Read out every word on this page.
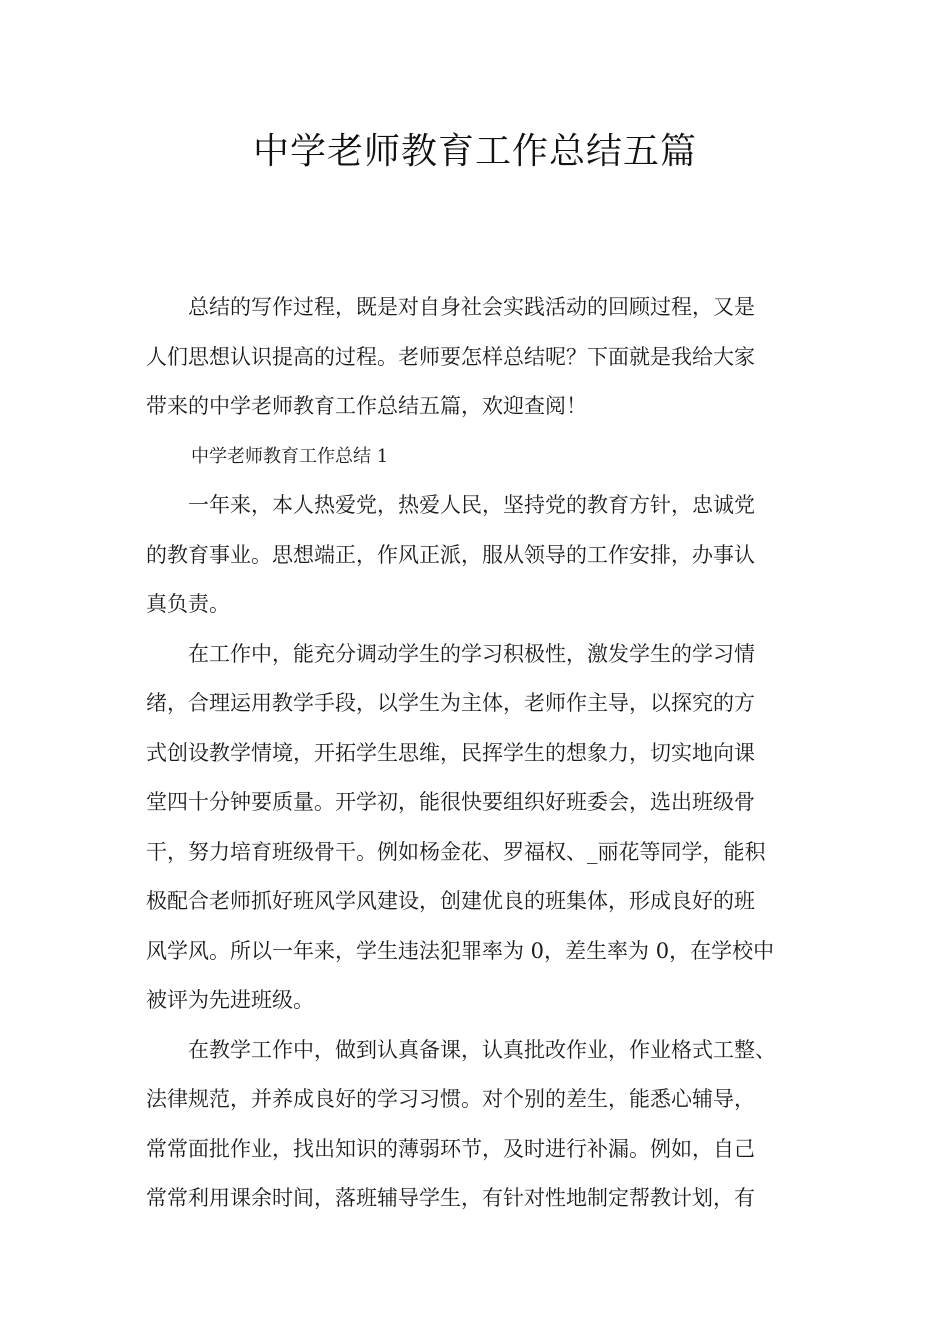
中学老师教育工作总结五篇

总结的写作过程，既是对自身社会实践活动的回顾过程，又是
人们思想认识提高的过程。老师要怎样总结呢？下面就是我给大家
带来的中学老师教育工作总结五篇，欢迎查阅！

中学老师教育工作总结 1

一年来，本人热爱党，热爱人民，坚持党的教育方针，忠诚党
的教育事业。思想端正，作风正派，服从领导的工作安排，办事认
真负责。

在工作中，能充分调动学生的学习积极性，激发学生的学习情
绪，合理运用教学手段，以学生为主体，老师作主导，以探究的方
式创设教学情境，开拓学生思维，民挥学生的想象力，切实地向课
堂四十分钟要质量。开学初，能很快要组织好班委会，选出班级骨
干，努力培育班级骨干。例如杨金花、罗福权、_丽花等同学，能积
极配合老师抓好班风学风建设，创建优良的班集体，形成良好的班
风学风。所以一年来，学生违法犯罪率为 0，差生率为 0，在学校中
被评为先进班级。

在教学工作中，做到认真备课，认真批改作业，作业格式工整、
法律规范，并养成良好的学习习惯。对个别的差生，能悉心辅导，
常常面批作业，找出知识的薄弱环节，及时进行补漏。例如，自己
常常利用课余时间，落班辅导学生，有针对性地制定帮教计划，有
